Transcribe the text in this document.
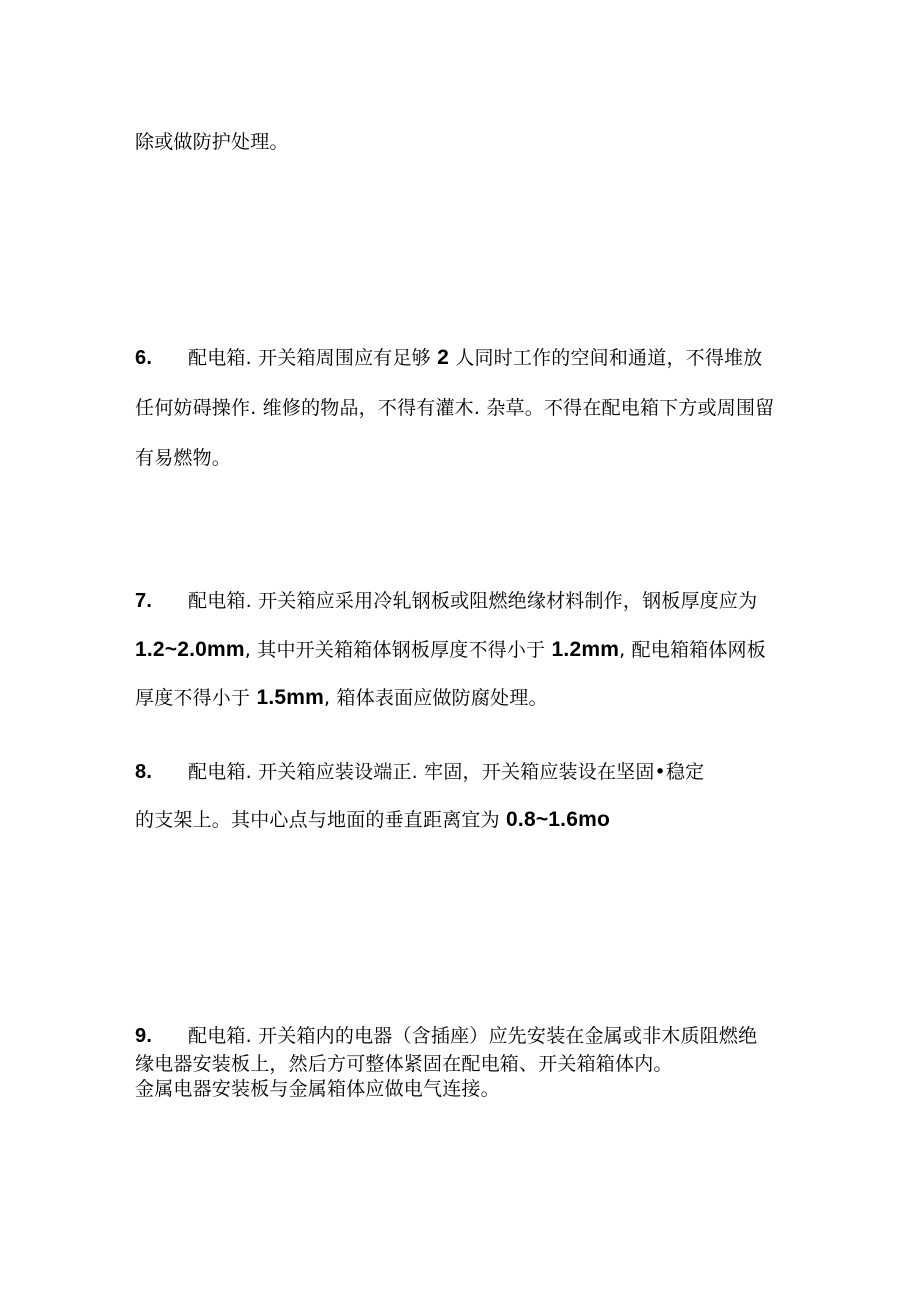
除或做防护处理。

6. 配电箱. 开关箱周围应有足够 2 人同时工作的空间和通道，不得堆放

任何妨碍操作. 维修的物品，不得有灌木. 杂草。不得在配电箱下方或周围留

有易燃物。

7. 配电箱. 开关箱应采用冷轧钢板或阻燃绝缘材料制作，钢板厚度应为

1.2~2.0mm, 其中开关箱箱体钢板厚度不得小于 1.2mm, 配电箱箱体网板

厚度不得小于 1.5mm, 箱体表面应做防腐处理。

8. 配电箱. 开关箱应装设端正. 牢固，开关箱应装设在坚固•稳定

的支架上。其中心点与地面的垂直距离宜为 0.8~1.6mo

9. 配电箱. 开关箱内的电器（含插座）应先安装在金属或非木质阻燃绝

缘电器安装板上，然后方可整体紧固在配电箱、开关箱箱体内。

金属电器安装板与金属箱体应做电气连接。
